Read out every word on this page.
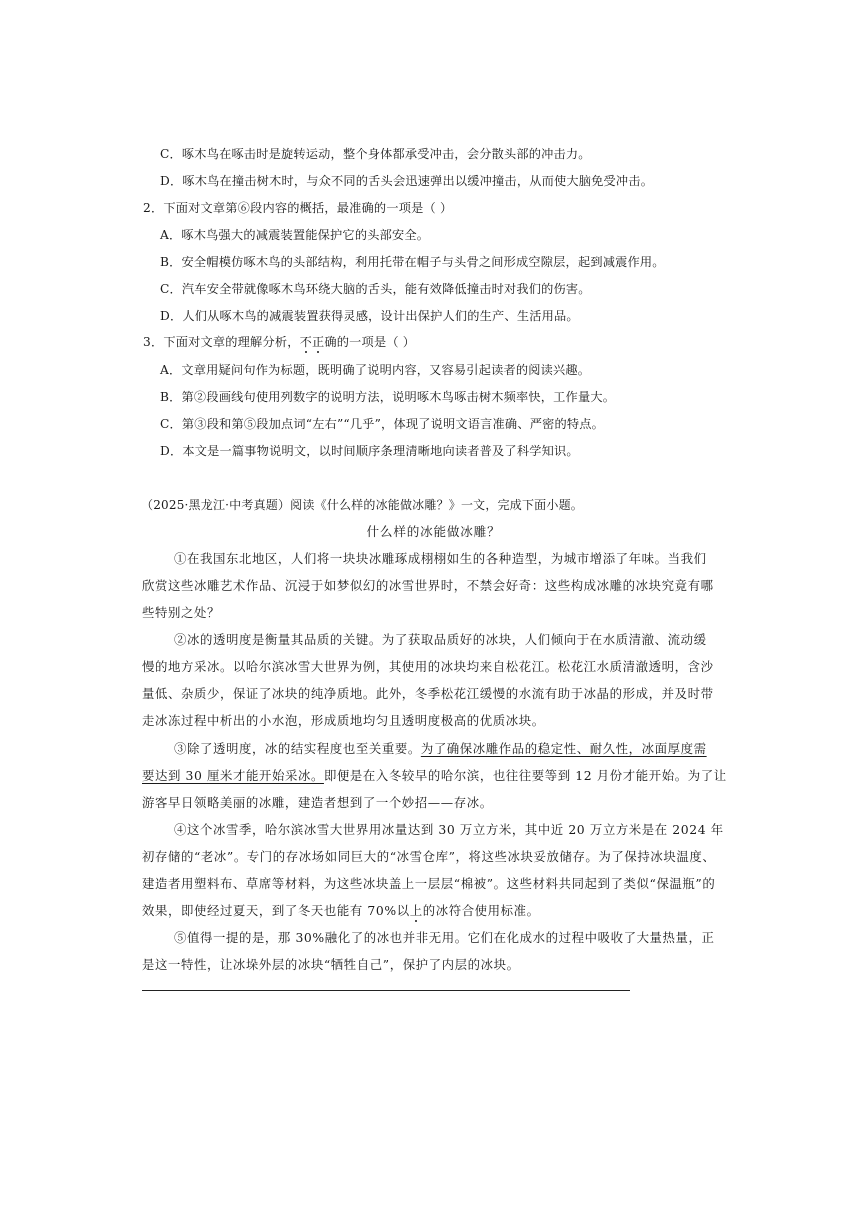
C．啄木鸟在啄击时是旋转运动，整个身体都承受冲击，会分散头部的冲击力。
D．啄木鸟在撞击树木时，与众不同的舌头会迅速弹出以缓冲撞击，从而使大脑免受冲击。
2．下面对文章第⑥段内容的概括，最准确的一项是（ ）
A．啄木鸟强大的减震装置能保护它的头部安全。
B．安全帽模仿啄木鸟的头部结构，利用托带在帽子与头骨之间形成空隙层，起到减震作用。
C．汽车安全带就像啄木鸟环绕大脑的舌头，能有效降低撞击时对我们的伤害。
D．人们从啄木鸟的减震装置获得灵感，设计出保护人们的生产、生活用品。
3．下面对文章的理解分析，不正确的一项是（ ）
A．文章用疑问句作为标题，既明确了说明内容，又容易引起读者的阅读兴趣。
B．第②段画线句使用列数字的说明方法，说明啄木鸟啄击树木频率快，工作量大。
C．第③段和第⑤段加点词“左右”“几乎”，体现了说明文语言准确、严密的特点。
D．本文是一篇事物说明文，以时间顺序条理清晰地向读者普及了科学知识。
（2025·黑龙江·中考真题）阅读《什么样的冰能做冰雕？》一文，完成下面小题。
什么样的冰能做冰雕？
①在我国东北地区，人们将一块块冰雕琢成栩栩如生的各种造型，为城市增添了年味。当我们
欣赏这些冰雕艺术作品、沉浸于如梦似幻的冰雪世界时，不禁会好奇：这些构成冰雕的冰块究竟有哪
些特别之处？
②冰的透明度是衡量其品质的关键。为了获取品质好的冰块，人们倾向于在水质清澈、流动缓
慢的地方采冰。以哈尔滨冰雪大世界为例，其使用的冰块均来自松花江。松花江水质清澈透明，含沙
量低、杂质少，保证了冰块的纯净质地。此外，冬季松花江缓慢的水流有助于冰晶的形成，并及时带
走冰冻过程中析出的小水泡，形成质地均匀且透明度极高的优质冰块。
③除了透明度，冰的结实程度也至关重要。为了确保冰雕作品的稳定性、耐久性，冰面厚度需
要达到 30 厘米才能开始采冰。即便是在入冬较早的哈尔滨，也往往要等到 12 月份才能开始。为了让
游客早日领略美丽的冰雕，建造者想到了一个妙招——存冰。
④这个冰雪季，哈尔滨冰雪大世界用冰量达到 30 万立方米，其中近 20 万立方米是在 2024 年
初存储的“老冰”。专门的存冰场如同巨大的“冰雪仓库”，将这些冰块妥放储存。为了保持冰块温度、
建造者用塑料布、草席等材料，为这些冰块盖上一层层“棉被”。这些材料共同起到了类似“保温瓶”的
效果，即使经过夏天，到了冬天也能有 70%以上的冰符合使用标准。
⑤值得一提的是，那 30%融化了的冰也并非无用。它们在化成水的过程中吸收了大量热量，正
是这一特性，让冰垛外层的冰块“牺牲自己”，保护了内层的冰块。
